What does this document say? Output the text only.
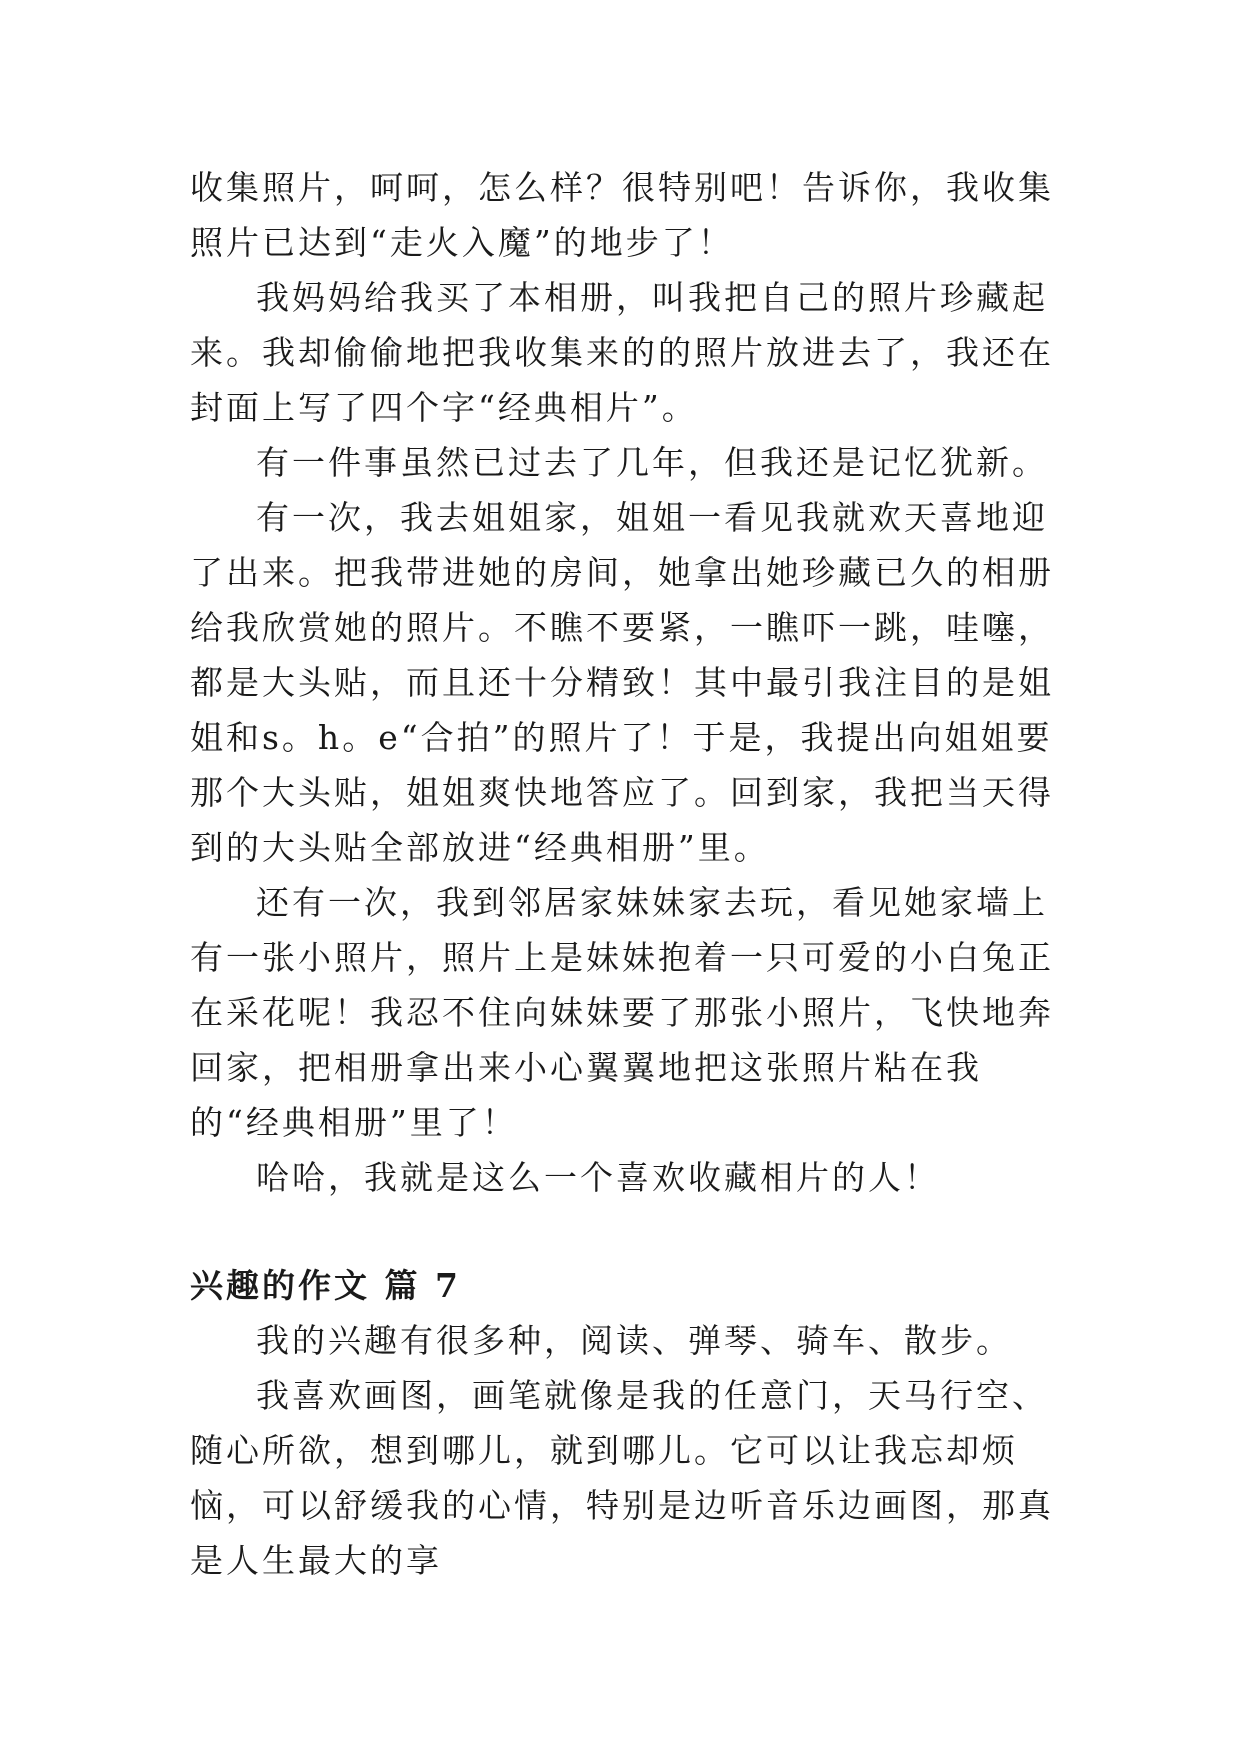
收集照片，呵呵，怎么样？很特别吧！告诉你，我收集照片已达到“走火入魔”的地步了！

我妈妈给我买了本相册，叫我把自己的照片珍藏起来。我却偷偷地把我收集来的的照片放进去了，我还在封面上写了四个字“经典相片”。

有一件事虽然已过去了几年，但我还是记忆犹新。

有一次，我去姐姐家，姐姐一看见我就欢天喜地迎了出来。把我带进她的房间，她拿出她珍藏已久的相册给我欣赏她的照片。不瞧不要紧，一瞧吓一跳，哇噻，都是大头贴，而且还十分精致！其中最引我注目的是姐姐和s。h。e“合拍”的照片了！于是，我提出向姐姐要那个大头贴，姐姐爽快地答应了。回到家，我把当天得到的大头贴全部放进“经典相册”里。

还有一次，我到邻居家妹妹家去玩，看见她家墙上有一张小照片，照片上是妹妹抱着一只可爱的小白兔正在采花呢！我忍不住向妹妹要了那张小照片，飞快地奔回家，把相册拿出来小心翼翼地把这张照片粘在我的“经典相册”里了！

哈哈，我就是这么一个喜欢收藏相片的人！

兴趣的作文 篇 7

我的兴趣有很多种，阅读、弹琴、骑车、散步。

我喜欢画图，画笔就像是我的任意门，天马行空、随心所欲，想到哪儿，就到哪儿。它可以让我忘却烦恼，可以舒缓我的心情，特别是边听音乐边画图，那真是人生最大的享
